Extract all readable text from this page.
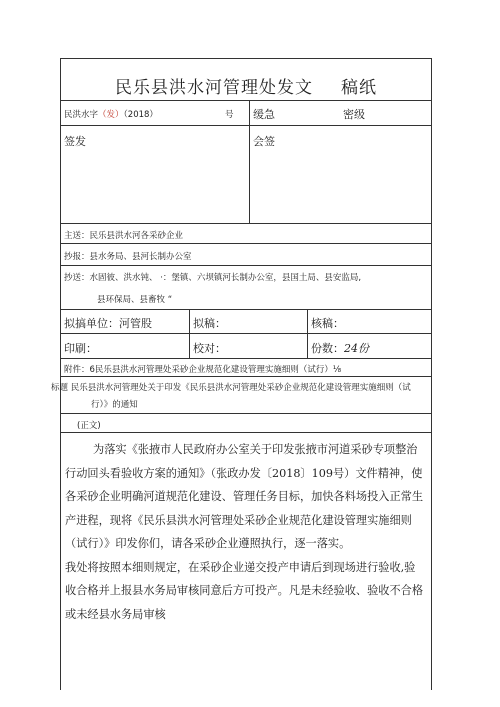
民乐县洪水河管理处发文 稿纸
民洪水字（发）（2018）	号 缓急	密级
签发	会签
主送：民乐县洪水河各采砂企业
抄报：县水务局、县河长制办公室
抄送：水固彼、洪水钝、 ·：堡镇、六坝镇河长制办公室，县国土局、县安监局,
县环保局、县畜牧 “
拟搞单位：河管股	拟稿：	核稿：
印刷：	校对：	份数：24份
附件：6民乐县洪水河管理处采砂企业规范化建设管理实施细则（试行）⅛
标题 民乐县洪水河管理处关于印发《民乐县洪水河管理处采砂企业规范化建设管理实施细则（试
行）》的通知
(正文)

为落实《张掖市人民政府办公室关于印发张掖市河道采砂专项整治行动回头看验收方案的通知》（张政办发〔2018〕109号）文件精神，使各采砂企业明确河道规范化建设、管理任务目标，加快各料场投入正常生产进程，现将《民乐县洪水河管理处采砂企业规范化建设管理实施细则（试行）》印发你们，请各采砂企业遵照执行，逐一落实。

我处将按照本细则规定，在采砂企业递交投产申请后到现场进行验收,验收合格并上报县水务局审核同意后方可投产。凡是未经验收、验收不合格或未经县水务局审核
